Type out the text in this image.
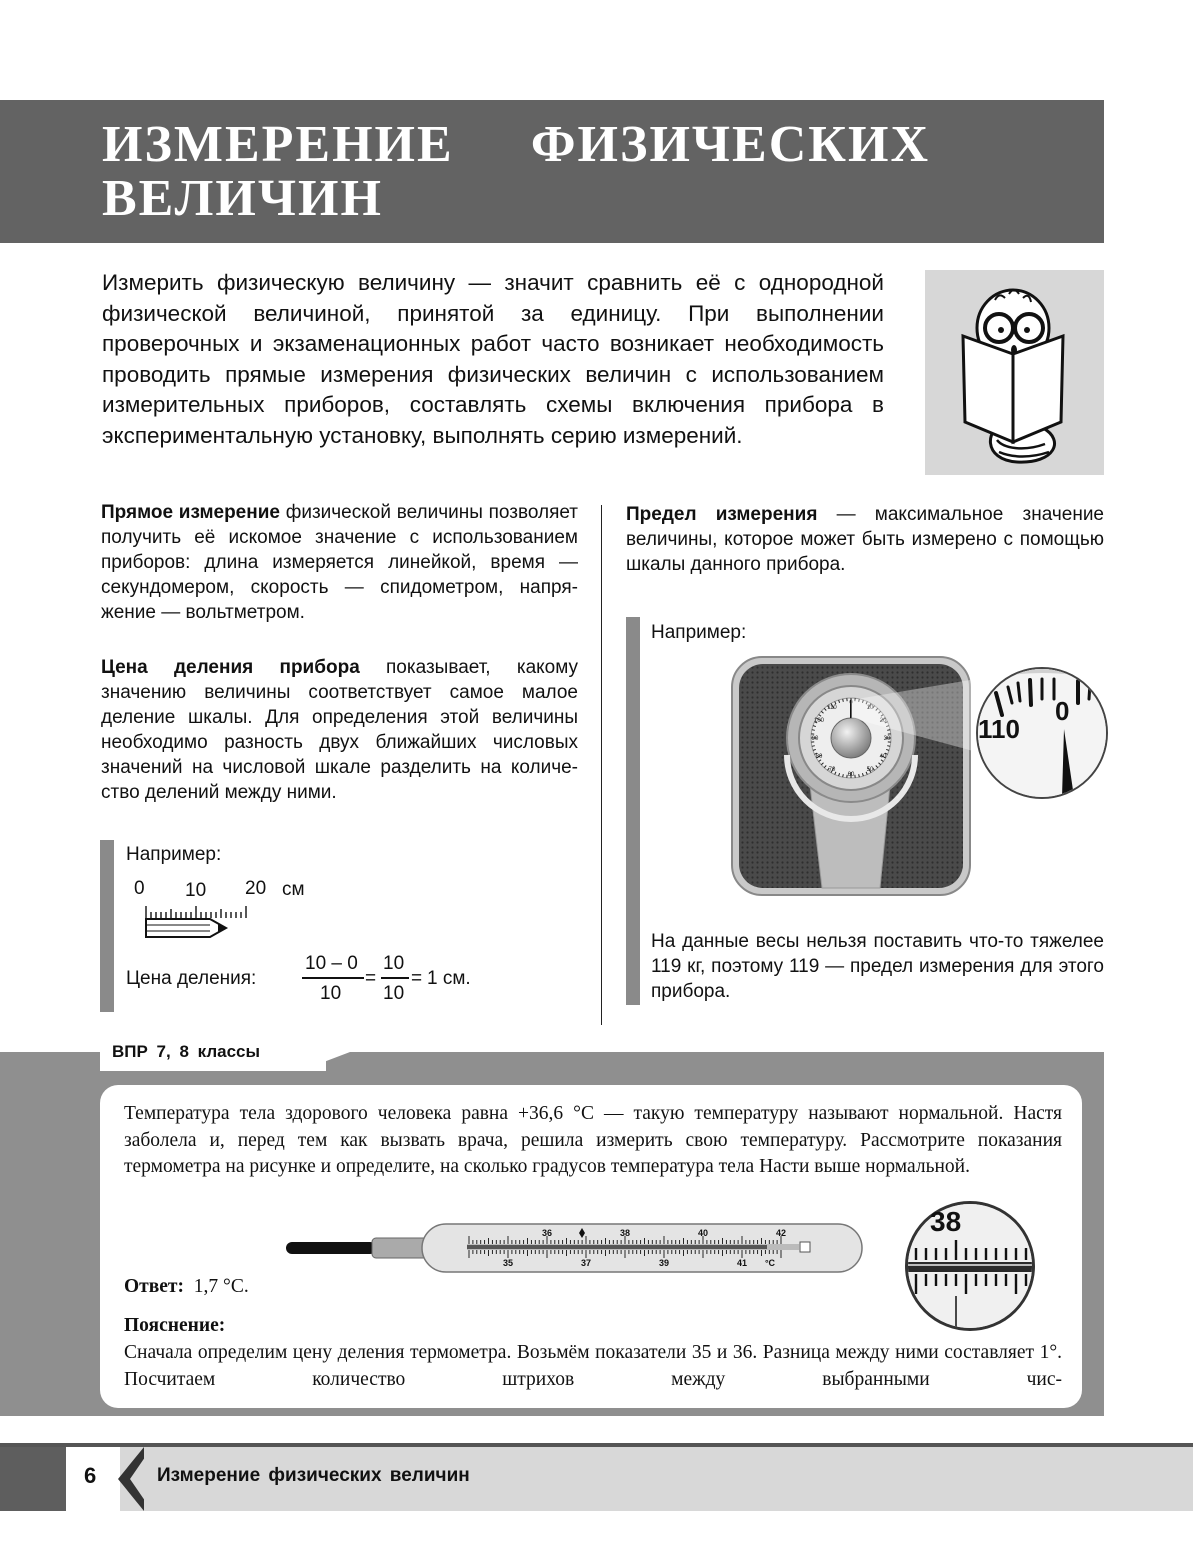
ИЗМЕРЕНИЕ ФИЗИЧЕСКИХ
ВЕЛИЧИН
Измерить физическую величину — значит сравнить её с однородной физической величиной, принятой за единицу. При выполнении проверочных и экзаменационных работ часто возникает необходимость проводить прямые измерения физических величин с использованием измерительных приборов, составлять схемы включения прибора в экспериментальную установку, выполнять серию измерений.
Прямое измерение физической величины позволяет получить её искомое значение с использованием приборов: длина измеряется линейкой, время — секундомером, скорость — спидометром, напряжение — вольтметром.
Цена деления прибора показывает, какому значению величины соответствует самое малое деление шкалы. Для определения этой величины необходимо разность двух ближайших числовых значений на числовой шкале разделить на количество делений между ними.
Например:
0 10 20 см
Цена деления:
10 – 0
10
=
10
10
= 1 см.
Предел измерения — максимальное значение величины, которое может быть измерено с помощью шкалы данного прибора.
Например:
0
10
20
30
40
50
60
70
80
90
100
110
110
0
На данные весы нельзя поставить что-то тяжелее 119 кг, поэтому 119 — предел измерения для этого прибора.
ВПР 7, 8 классы
Температура тела здорового человека равна +36,6 °С — такую температуру называют нормальной. Настя заболела и, перед тем как вызвать врача, решила измерить свою температуру. Рассмотрите показания термометра на рисунке и определите, на сколько градусов температура тела Насти выше нормальной.
36	38	40	42
35	37	39	41 °C
38
Ответ: 1,7 °С.
Пояснение:
Сначала определим цену деления термометра. Возьмём показатели 35 и 36. Разница между ними составляет 1°. Посчитаем количество штрихов между выбранными чис-
6	Измерение физических величин
